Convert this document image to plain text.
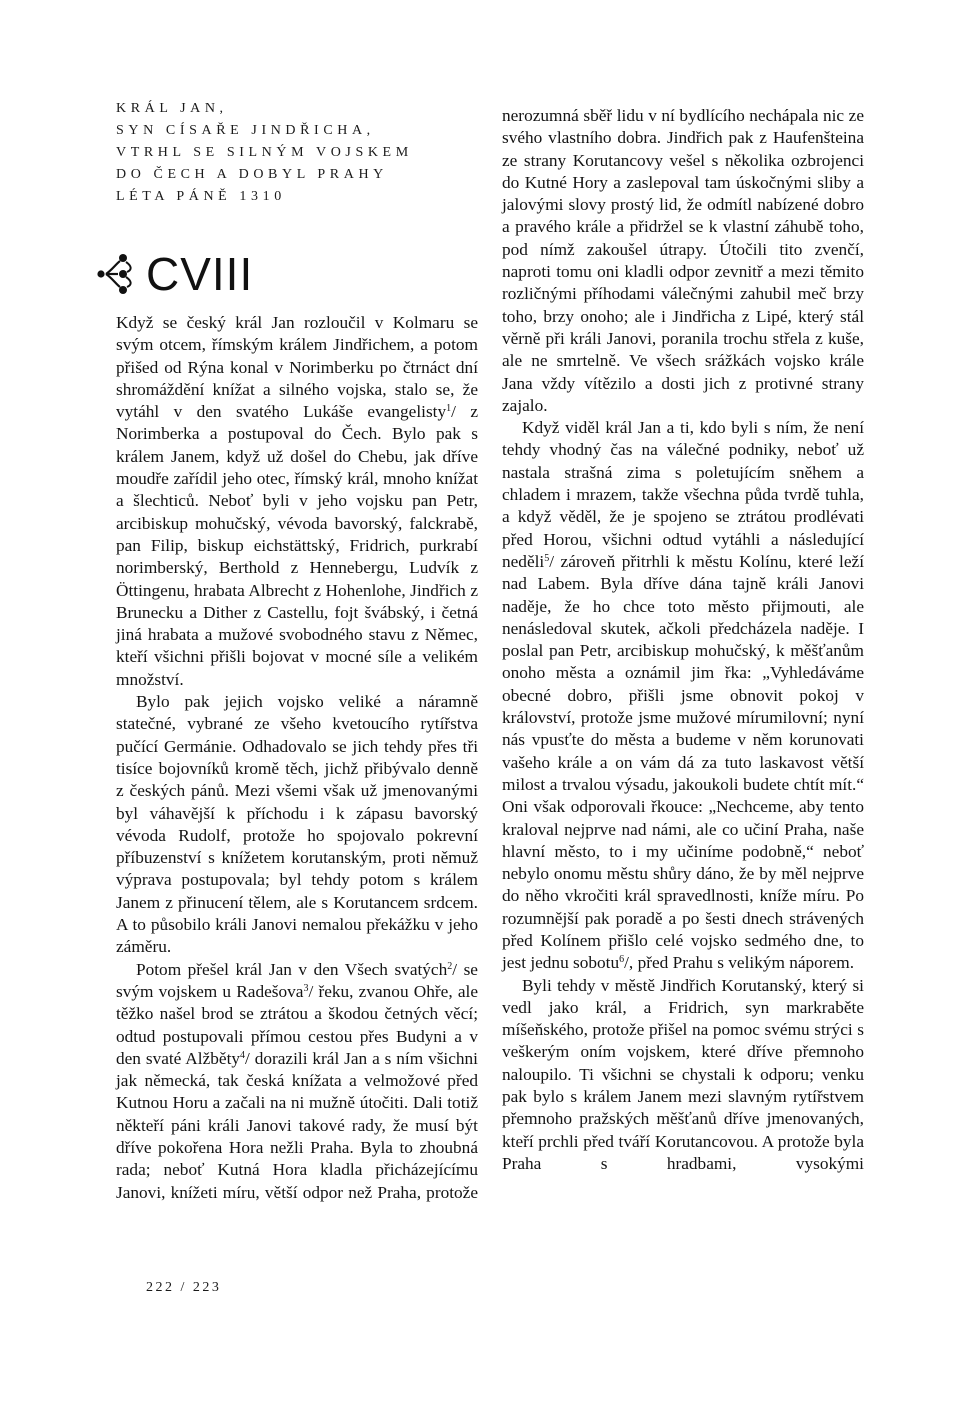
KRÁL JAN,
SYN CÍSAŘE JINDŘICHA,
VTRHL SE SILNÝM VOJSKEM
DO ČECH A DOBYL PRAHY
LÉTA PÁNĚ 1310
CVIII

Když se český král Jan rozloučil v Kolmaru se svým otcem, římským králem Jindřichem, a potom přišed od Rýna konal v Norimberku po čtrnáct dní shromáždění knížat a silného vojska, stalo se, že vytáhl v den svatého Lukáše evangelisty$^1$/ z Norimberka a postupoval do Čech. Bylo pak s králem Janem, když už došel do Chebu, jak dříve moudře zařídil jeho otec, římský král, mnoho knížat a šlechticů. Neboť byli v jeho vojsku pan Petr, arcibiskup mohučský, vévoda bavorský, falckrabě, pan Filip, biskup eichstättský, Fridrich, purkrabí norimberský, Berthold z Hennebergu, Ludvík z Öttingenu, hrabata Albrecht z Hohenlohe, Jindřich z Brunecku a Dither z Castellu, fojt švábský, i četná jiná hrabata a mužové svobodného stavu z Němec, kteří všichni přišli bojovat v mocné síle a velikém množství.

Bylo pak jejich vojsko veliké a náramně statečné, vybrané ze všeho kvetoucího rytířstva pučící Germánie. Odhadovalo se jich tehdy přes tři tisíce bojovníků kromě těch, jichž přibývalo denně z českých pánů. Mezi všemi však už jmenovanými byl váhavější k příchodu i k zápasu bavorský vévoda Rudolf, protože ho spojovalo pokrevní příbuzenství s knížetem korutanským, proti němuž výprava postupovala; byl tehdy potom s králem Janem z přinucení tělem, ale s Korutancem srdcem. A to působilo králi Janovi nemalou překážku v jeho záměru.

Potom přešel král Jan v den Všech svatých$^2$/ se svým vojskem u Radešova$^3$/ řeku, zvanou Ohře, ale těžko našel brod se ztrátou a škodou četných věcí; odtud postupovali přímou cestou přes Budyni a v den svaté Alžběty$^4$/ dorazili král Jan a s ním všichni jak německá, tak česká knížata a velmožové před Kutnou Horu a začali na ni mužně útočiti. Dali totiž někteří páni králi Janovi takové rady, že musí být dříve pokořena Hora nežli Praha. Byla to zhoubná rada; neboť Kutná Hora kladla přicházejícímu Janovi, knížeti míru, větší odpor než Praha, protože

nerozumná sběř lidu v ní bydlícího nechápala nic ze svého vlastního dobra. Jindřich pak z Haufenšteina ze strany Korutancovy vešel s několika ozbrojenci do Kutné Hory a zaslepoval tam úskočnými sliby a jalovými slovy prostý lid, že odmítl nabízené dobro a pravého krále a přidržel se k vlastní záhubě toho, pod nímž zakoušel útrapy. Útočili tito zvenčí, naproti tomu oni kladli odpor zevnitř a mezi těmito rozličnými příhodami válečnými zahubil meč brzy toho, brzy onoho; ale i Jindřicha z Lipé, který stál věrně při králi Janovi, poranila trochu střela z kuše, ale ne smrtelně. Ve všech srážkách vojsko krále Jana vždy vítězilo a dosti jich z protivné strany zajalo.

Když viděl král Jan a ti, kdo byli s ním, že není tehdy vhodný čas na válečné podniky, neboť už nastala strašná zima s poletujícím sněhem a chladem i mrazem, takže všechna půda tvrdě tuhla, a když věděl, že je spojeno se ztrátou prodlévati před Horou, všichni odtud vytáhli a následující neděli$^5$/ zároveň přitrhli k městu Kolínu, které leží nad Labem. Byla dříve dána tajně králi Janovi naděje, že ho chce toto město přijmouti, ale nenásledoval skutek, ačkoli předcházela naděje. I poslal pan Petr, arcibiskup mohučský, k měšťanům onoho města a oznámil jim řka: „Vyhledáváme obecné dobro, přišli jsme obnovit pokoj v království, protože jsme mužové mírumilovní; nyní nás vpusťte do města a budeme v něm korunovati vašeho krále a on vám dá za tuto laskavost větší milost a trvalou výsadu, jakoukoli budete chtít mít.“ Oni však odporovali řkouce: „Nechceme, aby tento kraloval nejprve nad námi, ale co učiní Praha, naše hlavní město, to i my učiníme podobně,“ neboť nebylo onomu městu shůry dáno, že by měl nejprve do něho vkročiti král spravedlnosti, kníže míru. Po rozumnější pak poradě a po šesti dnech strávených před Kolínem přišlo celé vojsko sedméhо dne, to jest jednu sobotu$^6$/, před Prahu s velikým náporem.

Byli tehdy v městě Jindřich Korutanský, který si vedl jako král, a Fridrich, syn markraběte míšeňského, protože přišel na pomoc svému strýci s veškerým oním vojskem, které dříve přemnoho naloupilo. Ti všichni se chystali k odporu; venku pak bylo s králem Janem mezi slavným rytířstvem přemnoho pražských měšťanů dříve jmenovaných, kteří prchli před tváří Korutancovou. A protože byla Praha s hradbami, vysokými

222 / 223
